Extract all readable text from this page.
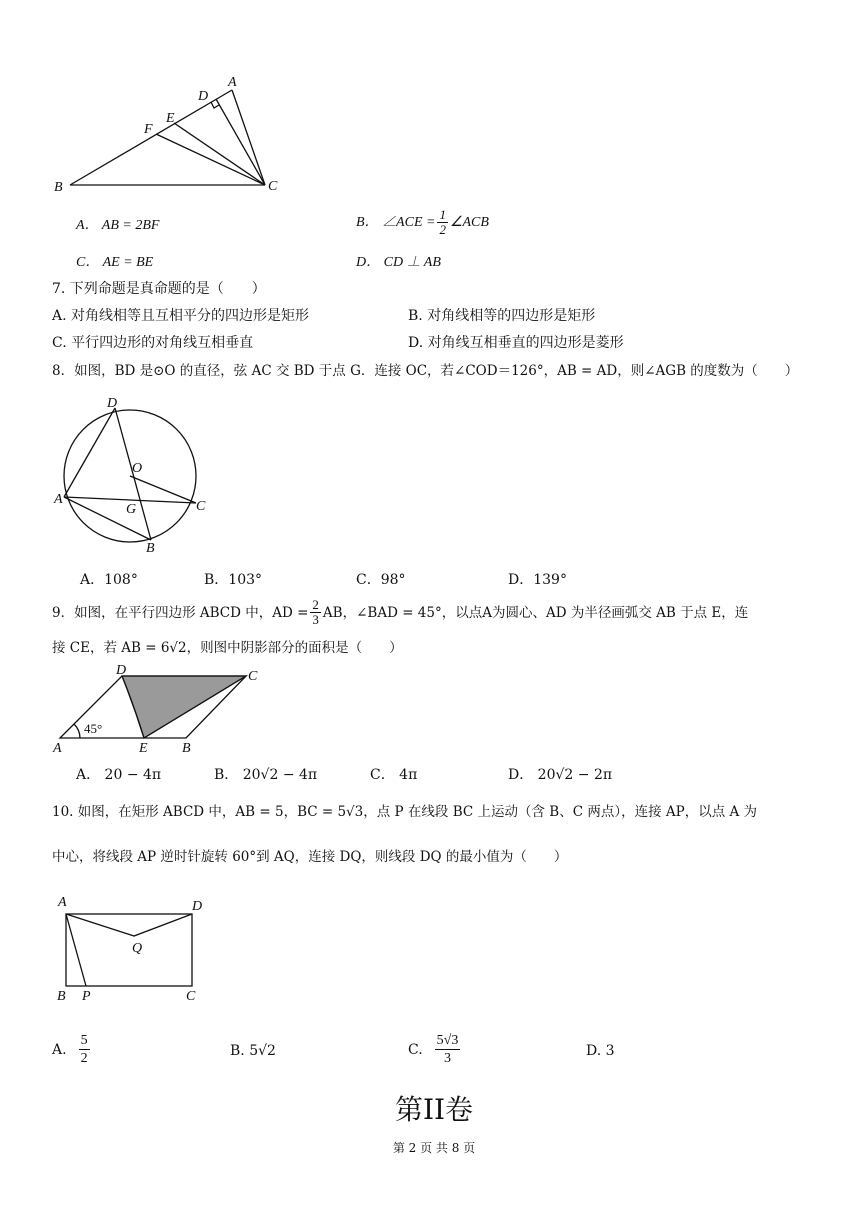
A
D
E
F
B	C
A． AB = 2BF	B． ∠ACE = $\frac{1}{2}$ ∠ACB
C． AE = BE	D． CD ⊥ AB
7. 下列命题是真命题的是（　　）
A. 对角线相等且互相平分的四边形是矩形	B. 对角线相等的四边形是矩形
C. 平行四边形的对角线互相垂直	D. 对角线互相垂直的四边形是菱形
8．如图，BD 是⊙O 的直径，弦 AC 交 BD 于点 G．连接 OC，若∠COD＝126°，AB = AD，则∠AGB 的度数为（　　）
D
O
A	C
G
B
A．108°	B．103°	C．98°	D．139°
9．如图，在平行四边形 ABCD 中，AD = $\frac{2}{3}$ AB，∠BAD = 45°，以点A为圆心、AD 为半径画弧交 AB 于点 E，连
接 CE，若 AB = 6√2，则图中阴影部分的面积是（　　）
D	C
45°
A	E B
A． 20 − 4π	B． 20√2 − 4π	C． 4π	D． 20√2 − 2π
10. 如图，在矩形 ABCD 中，AB = 5，BC = 5√3，点 P 在线段 BC 上运动（含 B、C 两点），连接 AP，以点 A 为
中心，将线段 AP 逆时针旋转 60°到 AQ，连接 DQ，则线段 DQ 的最小值为（　　）
A	D
Q
B P	C
A. $\frac{5}{2}$	B. 5√2	C. $\frac{5√3}{3}$	D. 3
第II卷
第 2 页 共 8 页
